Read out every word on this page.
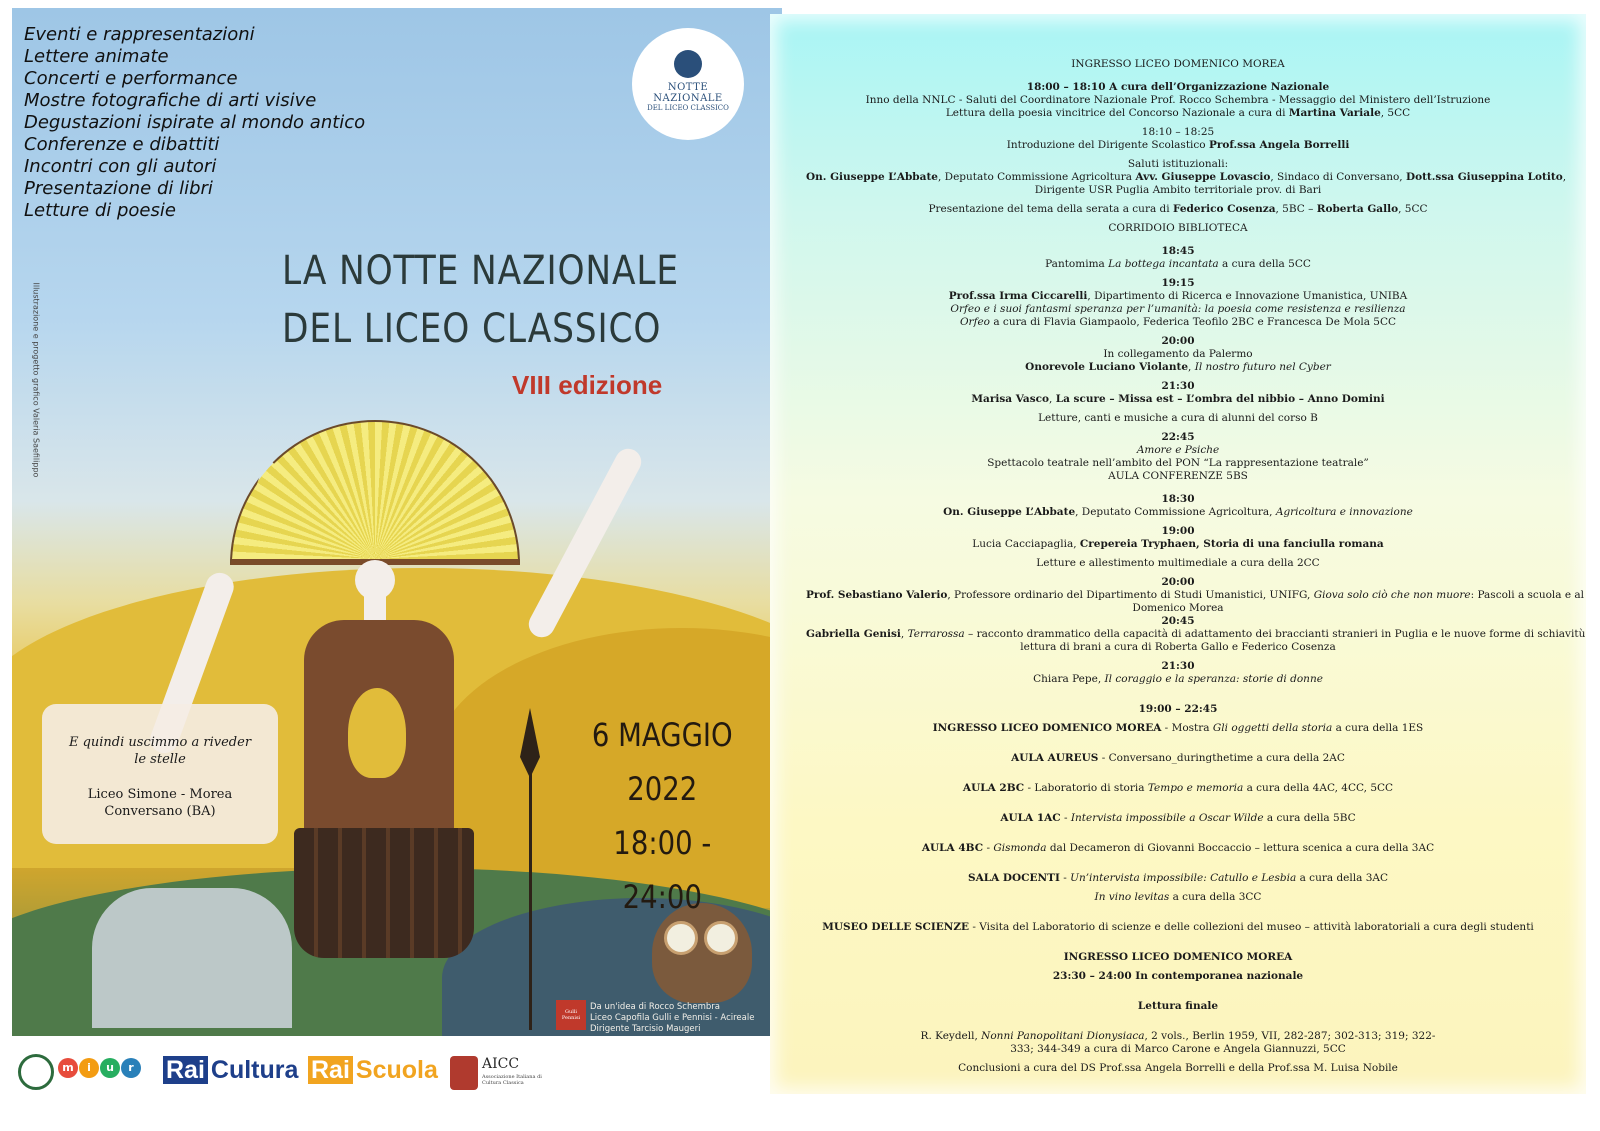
Eventi e rappresentazioni
Lettere animate
Concerti e performance
Mostre fotografiche di arti visive
Degustazioni ispirate al mondo antico
Conferenze e dibattiti
Incontri con gli autori
Presentazione di libri
Letture di poesie
NOTTE NAZIONALE
DEL LICEO CLASSICO
Illustrazione e progetto grafico Valeria Saefilippo
LA NOTTE NAZIONALE
DEL LICEO CLASSICO
VIII edizione
E quindi uscimmo a riveder
le stelle
Liceo Simone - Morea
Conversano (BA)
6 MAGGIO
2022
18:00 - 24:00
Gulli Pennisi
Da un'idea di Rocco Schembra
Liceo Capofila Gulli e Pennisi - Acireale
Dirigente Tarcisio Maugeri
m i u r	Rai Cultura Rai Scuola	AICC
Associazione Italiana di Cultura Classica
INGRESSO LICEO DOMENICO MOREA
18:00 – 18:10 A cura dell’Organizzazione Nazionale
Inno della NNLC - Saluti del Coordinatore Nazionale Prof. Rocco Schembra - Messaggio del Ministero dell’Istruzione
Lettura della poesia vincitrice del Concorso Nazionale a cura di Martina Variale, 5CC
18:10 – 18:25
Introduzione del Dirigente Scolastico Prof.ssa Angela Borrelli
Saluti istituzionali:
On. Giuseppe L’Abbate, Deputato Commissione Agricoltura Avv. Giuseppe Lovascio, Sindaco di Conversano, Dott.ssa Giuseppina Lotito,
Dirigente USR Puglia Ambito territoriale prov. di Bari
Presentazione del tema della serata a cura di Federico Cosenza, 5BC – Roberta Gallo, 5CC
CORRIDOIO BIBLIOTECA
18:45
Pantomima La bottega incantata a cura della 5CC
19:15
Prof.ssa Irma Ciccarelli, Dipartimento di Ricerca e Innovazione Umanistica, UNIBA
Orfeo e i suoi fantasmi speranza per l’umanità: la poesia come resistenza e resilienza
Orfeo a cura di Flavia Giampaolo, Federica Teofilo 2BC e Francesca De Mola 5CC
20:00
In collegamento da Palermo
Onorevole Luciano Violante, Il nostro futuro nel Cyber
21:30
Marisa Vasco, La scure – Missa est – L’ombra del nibbio – Anno Domini
Letture, canti e musiche a cura di alunni del corso B
22:45
Amore e Psiche
Spettacolo teatrale nell’ambito del PON “La rappresentazione teatrale”
AULA CONFERENZE 5BS
18:30
On. Giuseppe L’Abbate, Deputato Commissione Agricoltura, Agricoltura e innovazione
19:00
Lucia Cacciapaglia, Crepereia Tryphaen, Storia di una fanciulla romana
Letture e allestimento multimediale a cura della 2CC
20:00
Prof. Sebastiano Valerio, Professore ordinario del Dipartimento di Studi Umanistici, UNIFG, Giova solo ciò che non muore: Pascoli a scuola e al
Domenico Morea
20:45
Gabriella Genisi, Terrarossa – racconto drammatico della capacità di adattamento dei braccianti stranieri in Puglia e le nuove forme di schiavitù
lettura di brani a cura di Roberta Gallo e Federico Cosenza
21:30
Chiara Pepe, Il coraggio e la speranza: storie di donne
19:00 – 22:45
INGRESSO LICEO DOMENICO MOREA - Mostra Gli oggetti della storia a cura della 1ES
AULA AUREUS - Conversano_duringthetime a cura della 2AC
AULA 2BC - Laboratorio di storia Tempo e memoria a cura della 4AC, 4CC, 5CC
AULA 1AC - Intervista impossibile a Oscar Wilde a cura della 5BC
AULA 4BC - Gismonda dal Decameron di Giovanni Boccaccio – lettura scenica a cura della 3AC
SALA DOCENTI - Un’intervista impossibile: Catullo e Lesbia a cura della 3AC
In vino levitas a cura della 3CC
MUSEO DELLE SCIENZE - Visita del Laboratorio di scienze e delle collezioni del museo – attività laboratoriali a cura degli studenti
INGRESSO LICEO DOMENICO MOREA
23:30 – 24:00 In contemporanea nazionale
Lettura finale
R. Keydell, Nonni Panopolitani Dionysiaca, 2 vols., Berlin 1959, VII, 282-287; 302-313; 319; 322-
333; 344-349 a cura di Marco Carone e Angela Giannuzzi, 5CC
Conclusioni a cura del DS Prof.ssa Angela Borrelli e della Prof.ssa M. Luisa Nobile
